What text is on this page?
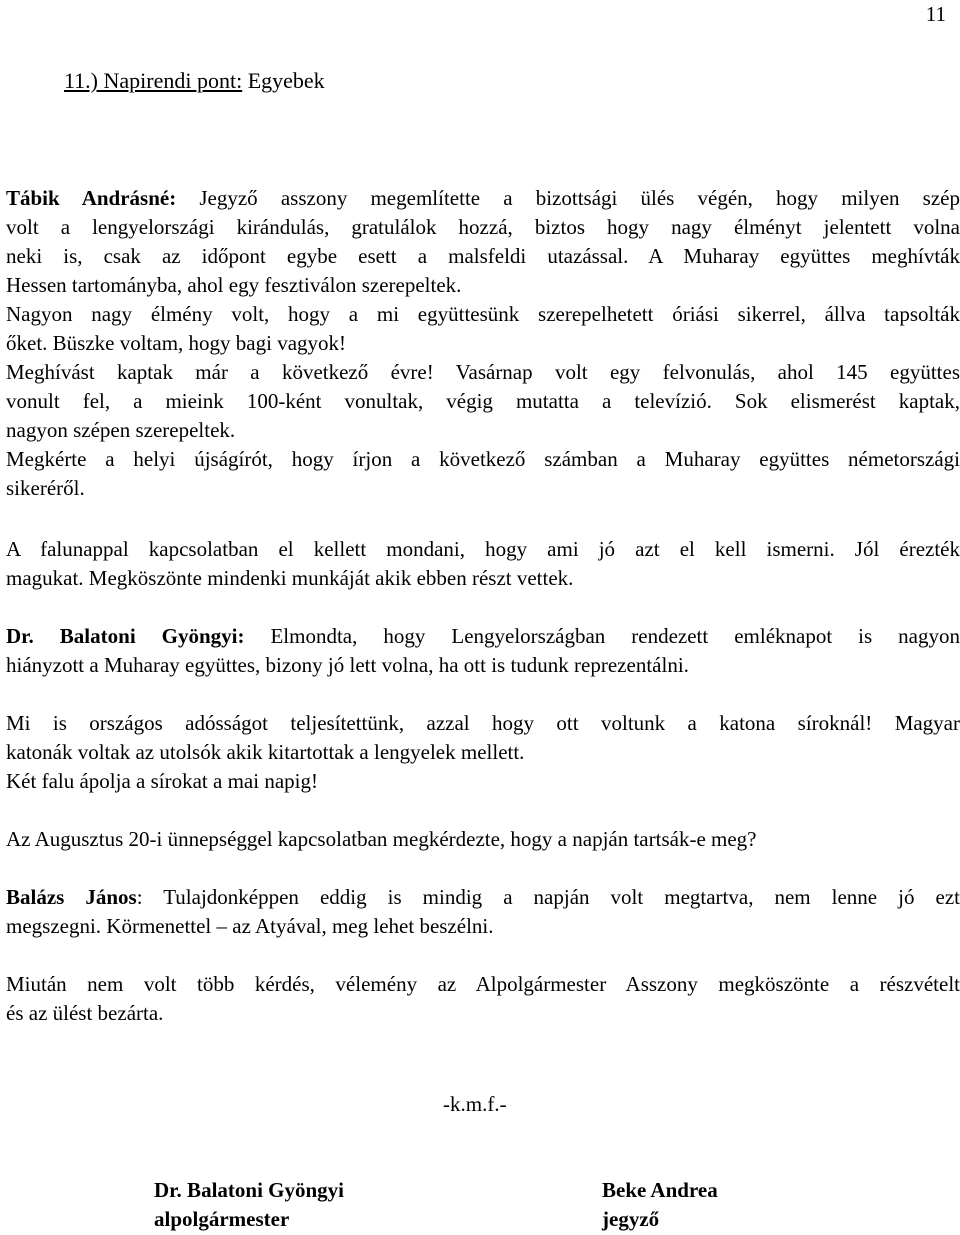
11
11.) Napirendi pont: Egyebek
Tábik Andrásné: Jegyző asszony megemlítette a bizottsági ülés végén, hogy milyen szép
volt a lengyelországi kirándulás, gratulálok hozzá, biztos hogy nagy élményt jelentett volna
neki is, csak az időpont egybe esett a malsfeldi utazással. A Muharay együttes meghívták
Hessen tartományba, ahol egy fesztiválon szerepeltek.
Nagyon nagy élmény volt, hogy a mi együttesünk szerepelhetett óriási sikerrel, állva tapsolták
őket. Büszke voltam, hogy bagi vagyok!
Meghívást kaptak már a következő évre! Vasárnap volt egy felvonulás, ahol 145 együttes
vonult fel, a mieink 100-ként vonultak, végig mutatta a televízió. Sok elismerést kaptak,
nagyon szépen szerepeltek.
Megkérte a helyi újságírót, hogy írjon a következő számban a Muharay együttes németországi
sikeréről.
A falunappal kapcsolatban el kellett mondani, hogy ami jó azt el kell ismerni. Jól érezték
magukat. Megköszönte mindenki munkáját akik ebben részt vettek.
Dr. Balatoni Gyöngyi: Elmondta, hogy Lengyelországban rendezett emléknapot is nagyon
hiányzott a Muharay együttes, bizony jó lett volna, ha ott is tudunk reprezentálni.
Mi is országos adósságot teljesítettünk, azzal hogy ott voltunk a katona síroknál! Magyar
katonák voltak az utolsók akik kitartottak a lengyelek mellett.
Két falu ápolja a sírokat a mai napig!
Az Augusztus 20-i ünnepséggel kapcsolatban megkérdezte, hogy a napján tartsák-e meg?
Balázs János: Tulajdonképpen eddig is mindig a napján volt megtartva, nem lenne jó ezt
megszegni. Körmenettel – az Atyával, meg lehet beszélni.
Miután nem volt több kérdés, vélemény az Alpolgármester Asszony megköszönte a részvételt
és az ülést bezárta.
-k.m.f.-
Dr. Balatoni Gyöngyi
alpolgármester
Beke Andrea
jegyző
